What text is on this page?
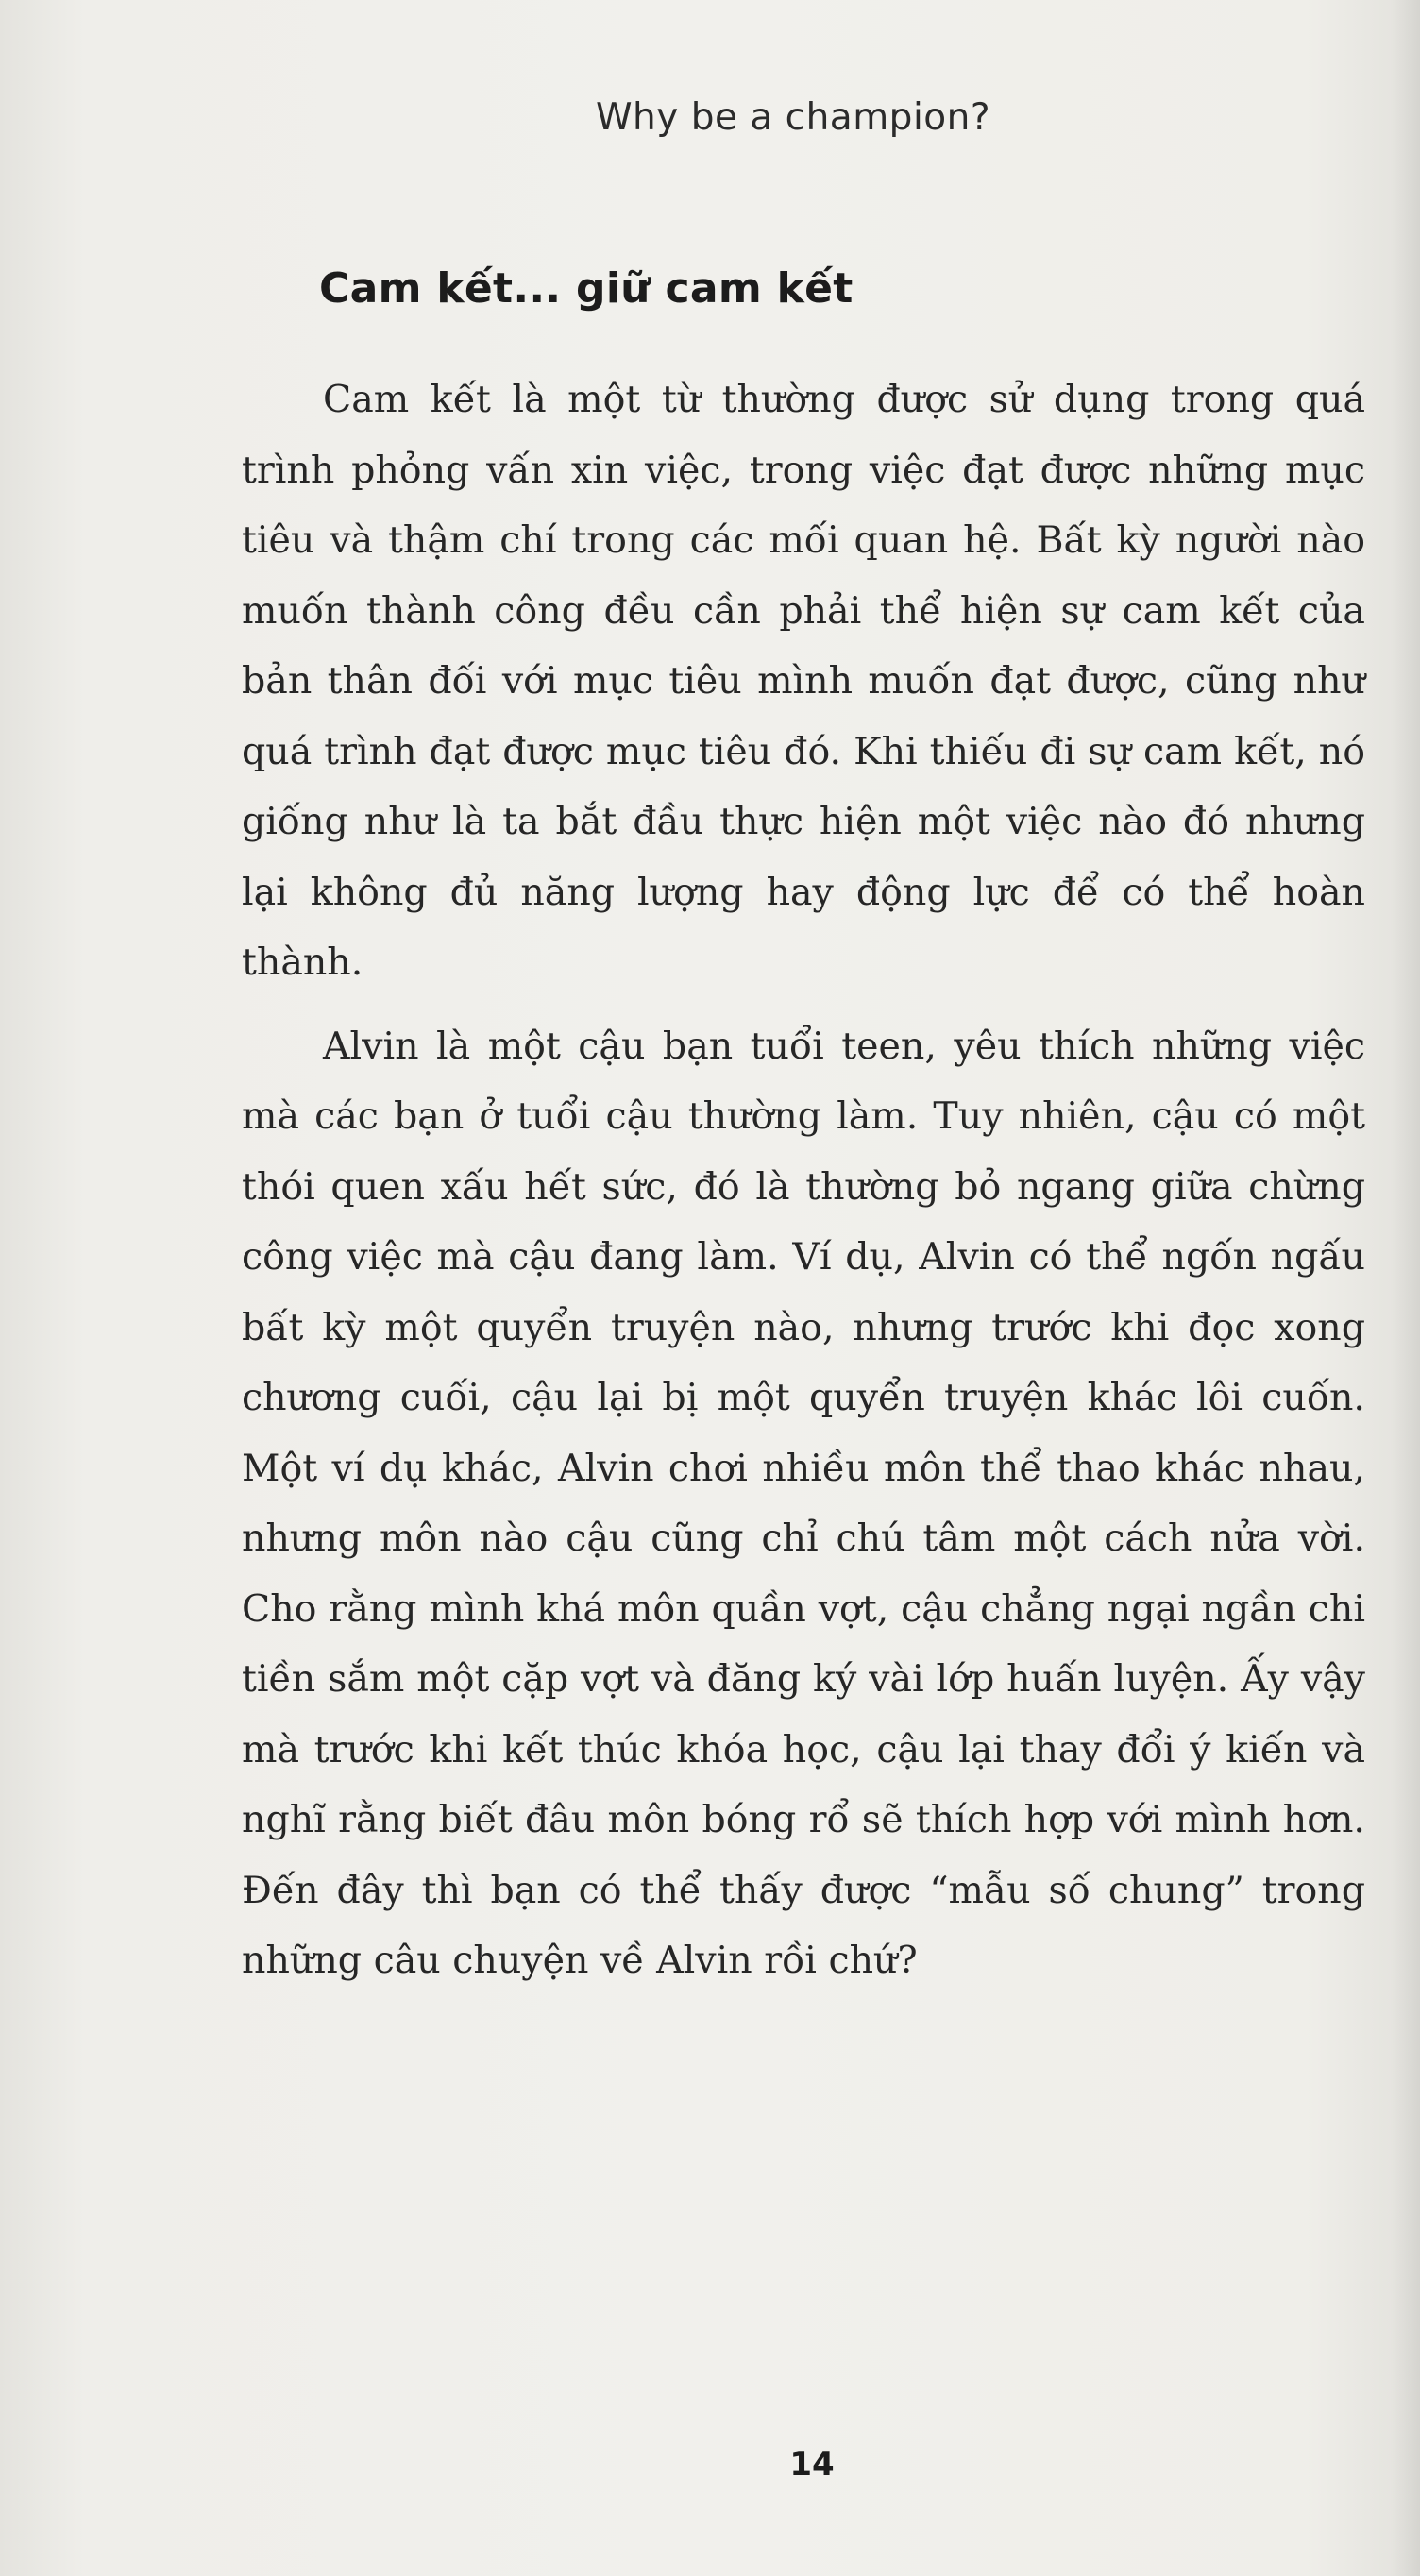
Why be a champion?
Cam kết... giữ cam kết

Cam kết là một từ thường được sử dụng trong quá trình phỏng vấn xin việc, trong việc đạt được những mục tiêu và thậm chí trong các mối quan hệ. Bất kỳ người nào muốn thành công đều cần phải thể hiện sự cam kết của bản thân đối với mục tiêu mình muốn đạt được, cũng như quá trình đạt được mục tiêu đó. Khi thiếu đi sự cam kết, nó giống như là ta bắt đầu thực hiện một việc nào đó nhưng lại không đủ năng lượng hay động lực để có thể hoàn thành.

Alvin là một cậu bạn tuổi teen, yêu thích những việc mà các bạn ở tuổi cậu thường làm. Tuy nhiên, cậu có một thói quen xấu hết sức, đó là thường bỏ ngang giữa chừng công việc mà cậu đang làm. Ví dụ, Alvin có thể ngốn ngấu bất kỳ một quyển truyện nào, nhưng trước khi đọc xong chương cuối, cậu lại bị một quyển truyện khác lôi cuốn. Một ví dụ khác, Alvin chơi nhiều môn thể thao khác nhau, nhưng môn nào cậu cũng chỉ chú tâm một cách nửa vời. Cho rằng mình khá môn quần vợt, cậu chẳng ngại ngần chi tiền sắm một cặp vợt và đăng ký vài lớp huấn luyện. Ấy vậy mà trước khi kết thúc khóa học, cậu lại thay đổi ý kiến và nghĩ rằng biết đâu môn bóng rổ sẽ thích hợp với mình hơn. Đến đây thì bạn có thể thấy được “mẫu số chung” trong những câu chuyện về Alvin rồi chứ?

14
